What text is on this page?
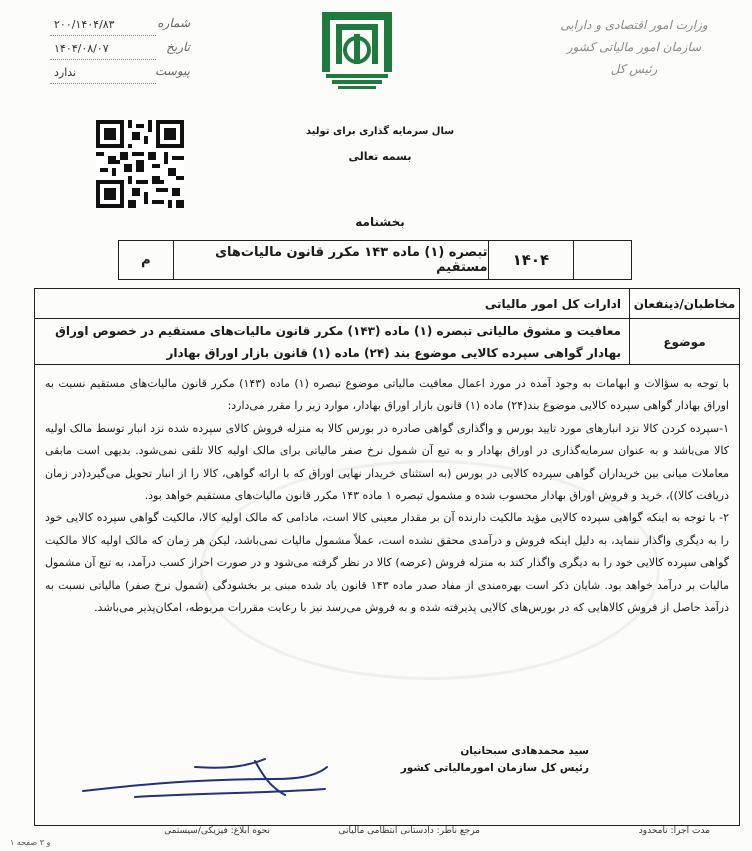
وزارت امور اقتصادی و دارایی
سازمان امور مالیاتی کشور
رئیس کل
شماره
۲۰۰/۱۴۰۴/۸۳
تاریخ
۱۴۰۴/۰۸/۰۷
پیوست
ندارد
سال سرمایه گذاری برای تولید
بسمه تعالی
بخشنامه
۱۴۰۴
تبصره (۱) ماده ۱۴۳ مکرر قانون مالیات‌های مستقیم
م
مخاطبان/ذینفعان
ادارات کل امور مالیاتی
موضوع
معافیت و مشوق مالیاتی تبصره (۱) ماده (۱۴۳) مکرر قانون مالیات‌های مستقیم در خصوص اوراق بهادار گواهی سپرده کالایی موضوع بند (۲۴) ماده (۱) قانون بازار اوراق بهادار

با توجه به سؤالات و ابهامات به وجود آمده در مورد اعمال معافیت مالیاتی موضوع تبصره (۱) ماده (۱۴۳) مکرر قانون مالیات‌های مستقیم نسبت به اوراق بهادار گواهی سپرده کالایی موضوع بند(۲۴) ماده (۱) قانون بازار اوراق بهادار، موارد زیر را مقرر می‌دارد:

۱-سپرده کردن کالا نزد انبارهای مورد تایید بورس و واگذاری گواهی صادره در بورس کالا به منزله فروش کالای سپرده شده نزد انبار توسط مالک اولیه کالا می‌باشد و به عنوان سرمایه‌گذاری در اوراق بهادار و به تبع آن شمول نرخ صفر مالیاتی برای مالک اولیه کالا تلقی نمی‌شود. بدیهی است مابقی معاملات میانی بین خریداران گواهی سپرده کالایی در بورس (به استثنای خریدار نهایی اوراق که با ارائه گواهی، کالا را از انبار تحویل می‌گیرد(در زمان دریافت کالا))، خرید و فروش اوراق بهادار محسوب شده و مشمول تبصره ۱ ماده ۱۴۳ مکرر قانون مالیات‌های مستقیم خواهد بود.

۲- با توجه به اینکه گواهی سپرده کالایی مؤید مالکیت دارنده آن بر مقدار معینی کالا است، مادامی که مالک اولیه کالا، مالکیت گواهی سپرده کالایی خود را به دیگری واگذار ننماید، به دلیل اینکه فروش و درآمدی محقق نشده است، عملاً مشمول مالیات نمی‌باشد، لیکن هر زمان که مالک اولیه کالا مالکیت گواهی سپرده کالایی خود را به دیگری واگذار کند به منزله فروش (عرضه) کالا در نظر گرفته می‌شود و در صورت احراز کسب درآمد، به تبع آن مشمول مالیات بر درآمد خواهد بود. شایان ذکر است بهره‌مندی از مفاد صدر ماده ۱۴۳ قانون یاد شده مبنی بر بخشودگی (شمول نرخ صفر) مالیاتی نسبت به درآمد حاصل از فروش کالاهایی که در بورس‌های کالایی پذیرفته شده و به فروش می‌رسد نیز با رعایت مقررات مربوطه، امکان‌پذیر می‌باشد.

سید محمدهادی سبحانیان
رئیس کل سازمان امورمالیاتی کشور
مدت اجرا: نامحدود
مرجع ناظر: دادستانی انتظامی مالیاتی
نحوه ابلاغ: فیزیکی/سیستمی
۱ و ۳ صفحه
